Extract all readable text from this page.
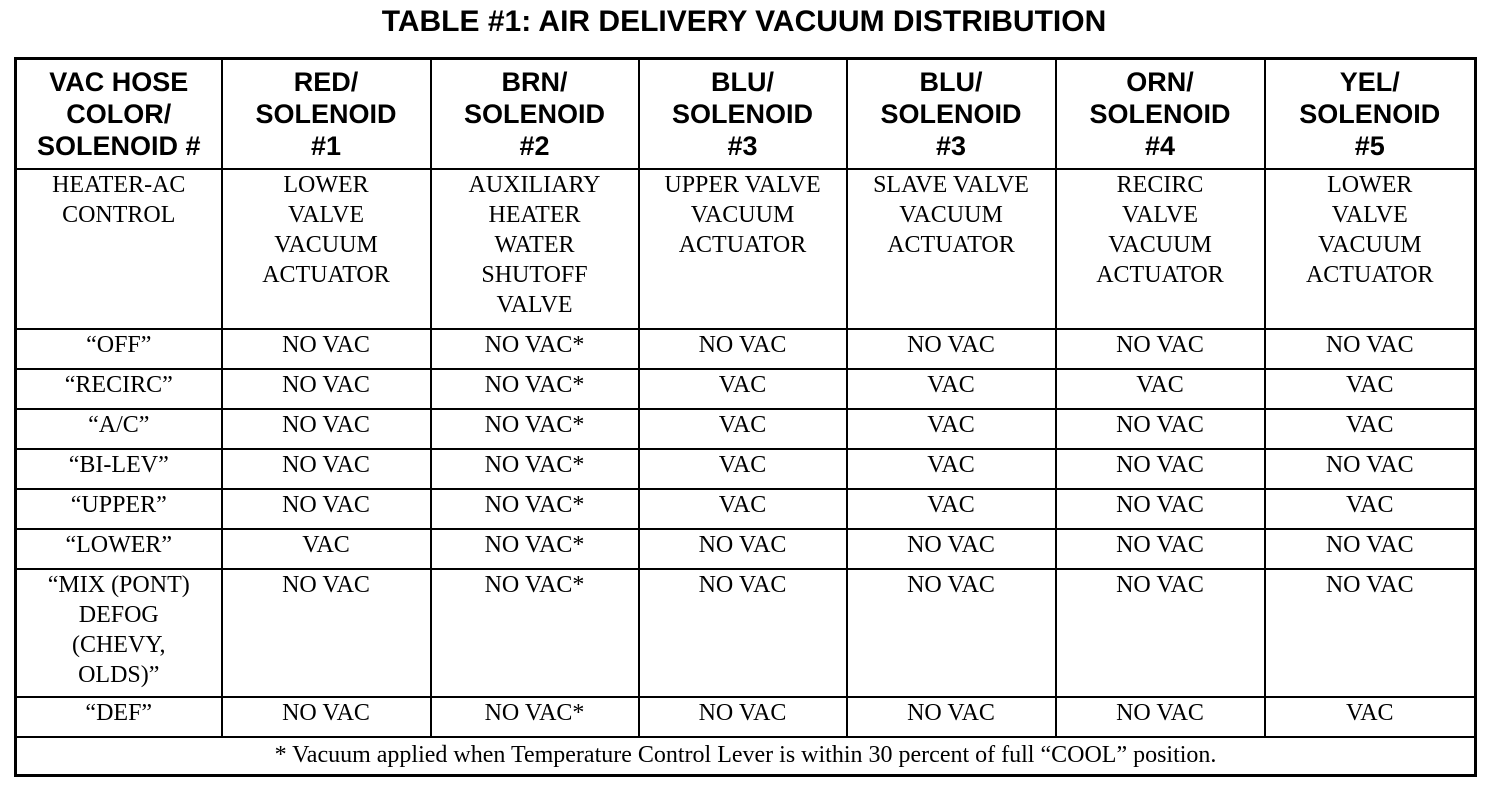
TABLE #1: AIR DELIVERY VACUUM DISTRIBUTION
VAC HOSE
COLOR/
SOLENOID #	RED/
SOLENOID
#1	BRN/
SOLENOID
#2	BLU/
SOLENOID
#3	BLU/
SOLENOID
#3	ORN/
SOLENOID
#4	YEL/
SOLENOID
#5

HEATER-AC
CONTROL	LOWER
VALVE
VACUUM
ACTUATOR	AUXILIARY
HEATER
WATER
SHUTOFF
VALVE	UPPER VALVE
VACUUM
ACTUATOR	SLAVE VALVE
VACUUM
ACTUATOR	RECIRC
VALVE
VACUUM
ACTUATOR	LOWER
VALVE
VACUUM
ACTUATOR

“OFF”	NO VAC	NO VAC*	NO VAC	NO VAC	NO VAC	NO VAC

“RECIRC”	NO VAC	NO VAC*	VAC	VAC	VAC	VAC

“A/C”	NO VAC	NO VAC*	VAC	VAC	NO VAC	VAC

“BI-LEV”	NO VAC	NO VAC*	VAC	VAC	NO VAC	NO VAC

“UPPER”	NO VAC	NO VAC*	VAC	VAC	NO VAC	VAC

“LOWER”	VAC	NO VAC*	NO VAC	NO VAC	NO VAC	NO VAC

“MIX (PONT)
DEFOG
(CHEVY,
OLDS)”	NO VAC	NO VAC*	NO VAC	NO VAC	NO VAC	NO VAC

“DEF”	NO VAC	NO VAC*	NO VAC	NO VAC	NO VAC	VAC
* Vacuum applied when Temperature Control Lever is within 30 percent of full “COOL” position.						
